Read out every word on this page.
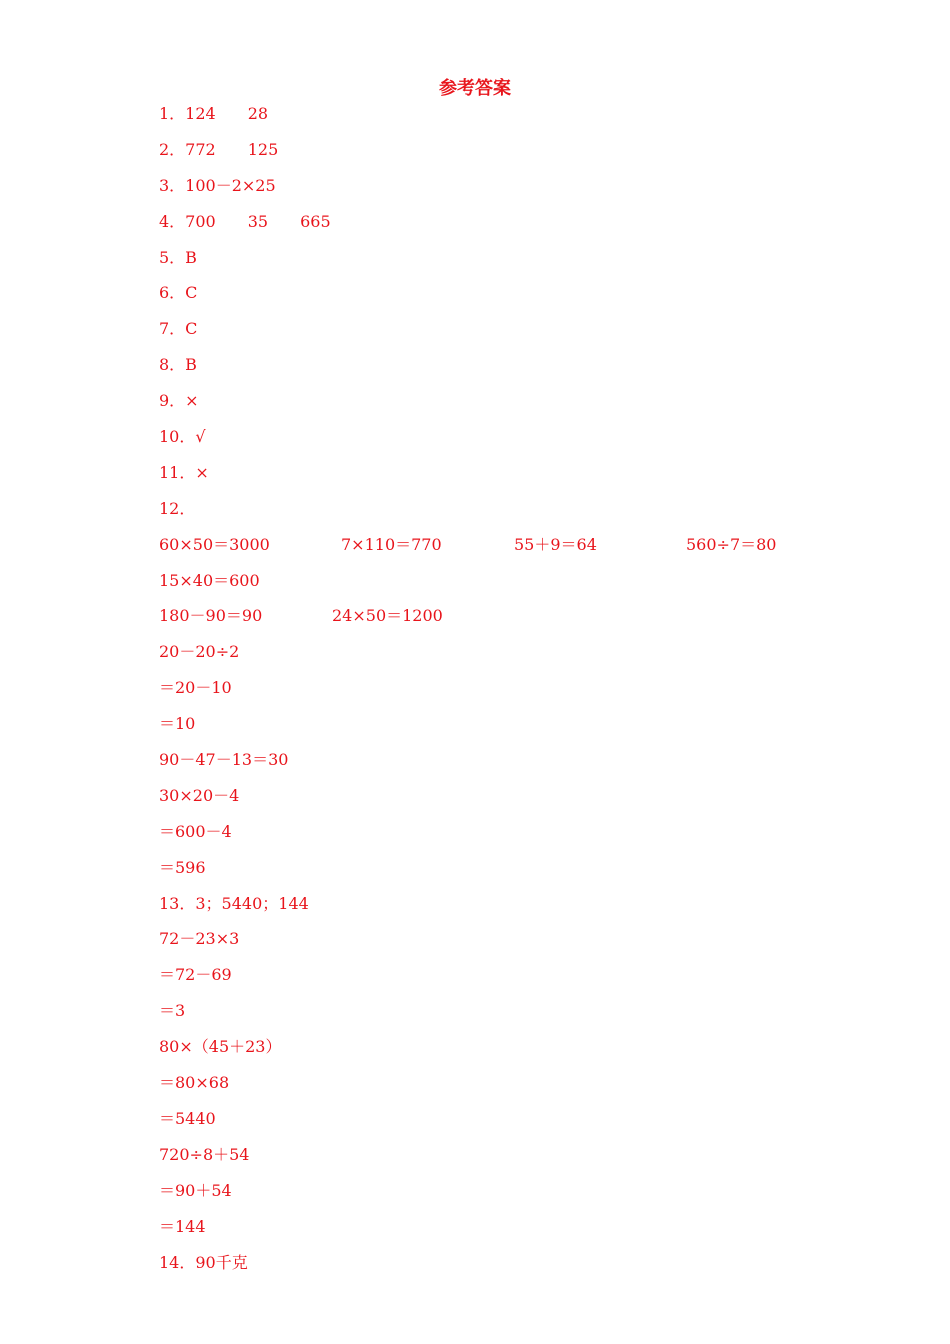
参考答案
1．124　　28
2．772　　125
3．100－2×25
4．700　　35　　665
5．B
6．C
7．C
8．B
9．×
10．√
11．×
12．

60×50＝3000

	7×110＝770

	55＋9＝64

	560÷7＝80

15×40＝600

180－90＝90

	24×50＝1200

20－20÷2
＝20－10
＝10
90－47－13＝30
30×20－4
＝600－4
＝596
13．3；5440；144
72－23×3
＝72－69
＝3
80×（45＋23）
＝80×68
＝5440
720÷8＋54
＝90＋54
＝144
14．90千克
